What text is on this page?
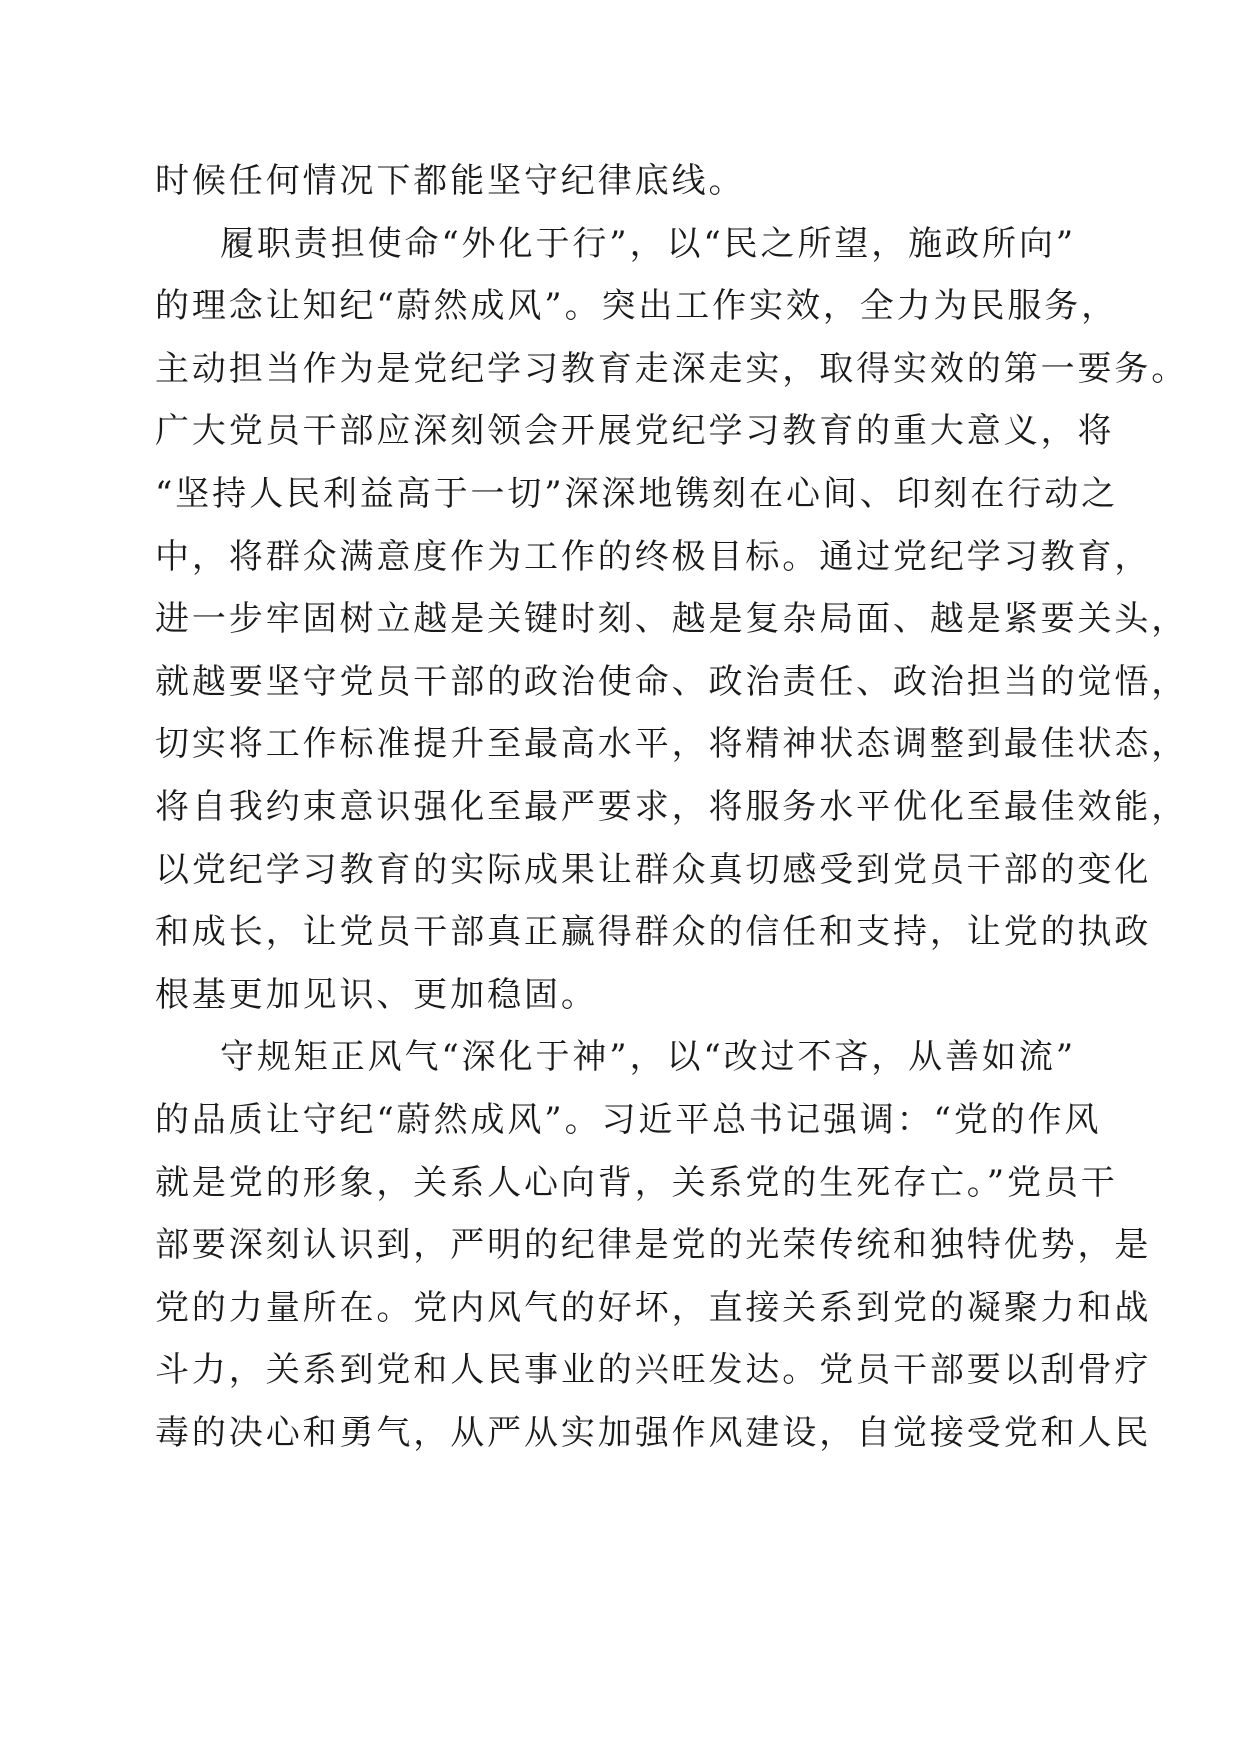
时候任何情况下都能坚守纪律底线。
履职责担使命“外化于行”，以“民之所望，施政所向”
的理念让知纪“蔚然成风”。突出工作实效，全力为民服务，
主动担当作为是党纪学习教育走深走实，取得实效的第一要务。
广大党员干部应深刻领会开展党纪学习教育的重大意义，将
“坚持人民利益高于一切”深深地镌刻在心间、印刻在行动之
中，将群众满意度作为工作的终极目标。通过党纪学习教育，
进一步牢固树立越是关键时刻、越是复杂局面、越是紧要关头，
就越要坚守党员干部的政治使命、政治责任、政治担当的觉悟，
切实将工作标准提升至最高水平，将精神状态调整到最佳状态，
将自我约束意识强化至最严要求，将服务水平优化至最佳效能，
以党纪学习教育的实际成果让群众真切感受到党员干部的变化
和成长，让党员干部真正赢得群众的信任和支持，让党的执政
根基更加见识、更加稳固。
守规矩正风气“深化于神”，以“改过不吝，从善如流”
的品质让守纪“蔚然成风”。习近平总书记强调：“党的作风
就是党的形象，关系人心向背，关系党的生死存亡。”党员干
部要深刻认识到，严明的纪律是党的光荣传统和独特优势，是
党的力量所在。党内风气的好坏，直接关系到党的凝聚力和战
斗力，关系到党和人民事业的兴旺发达。党员干部要以刮骨疗
毒的决心和勇气，从严从实加强作风建设，自觉接受党和人民
